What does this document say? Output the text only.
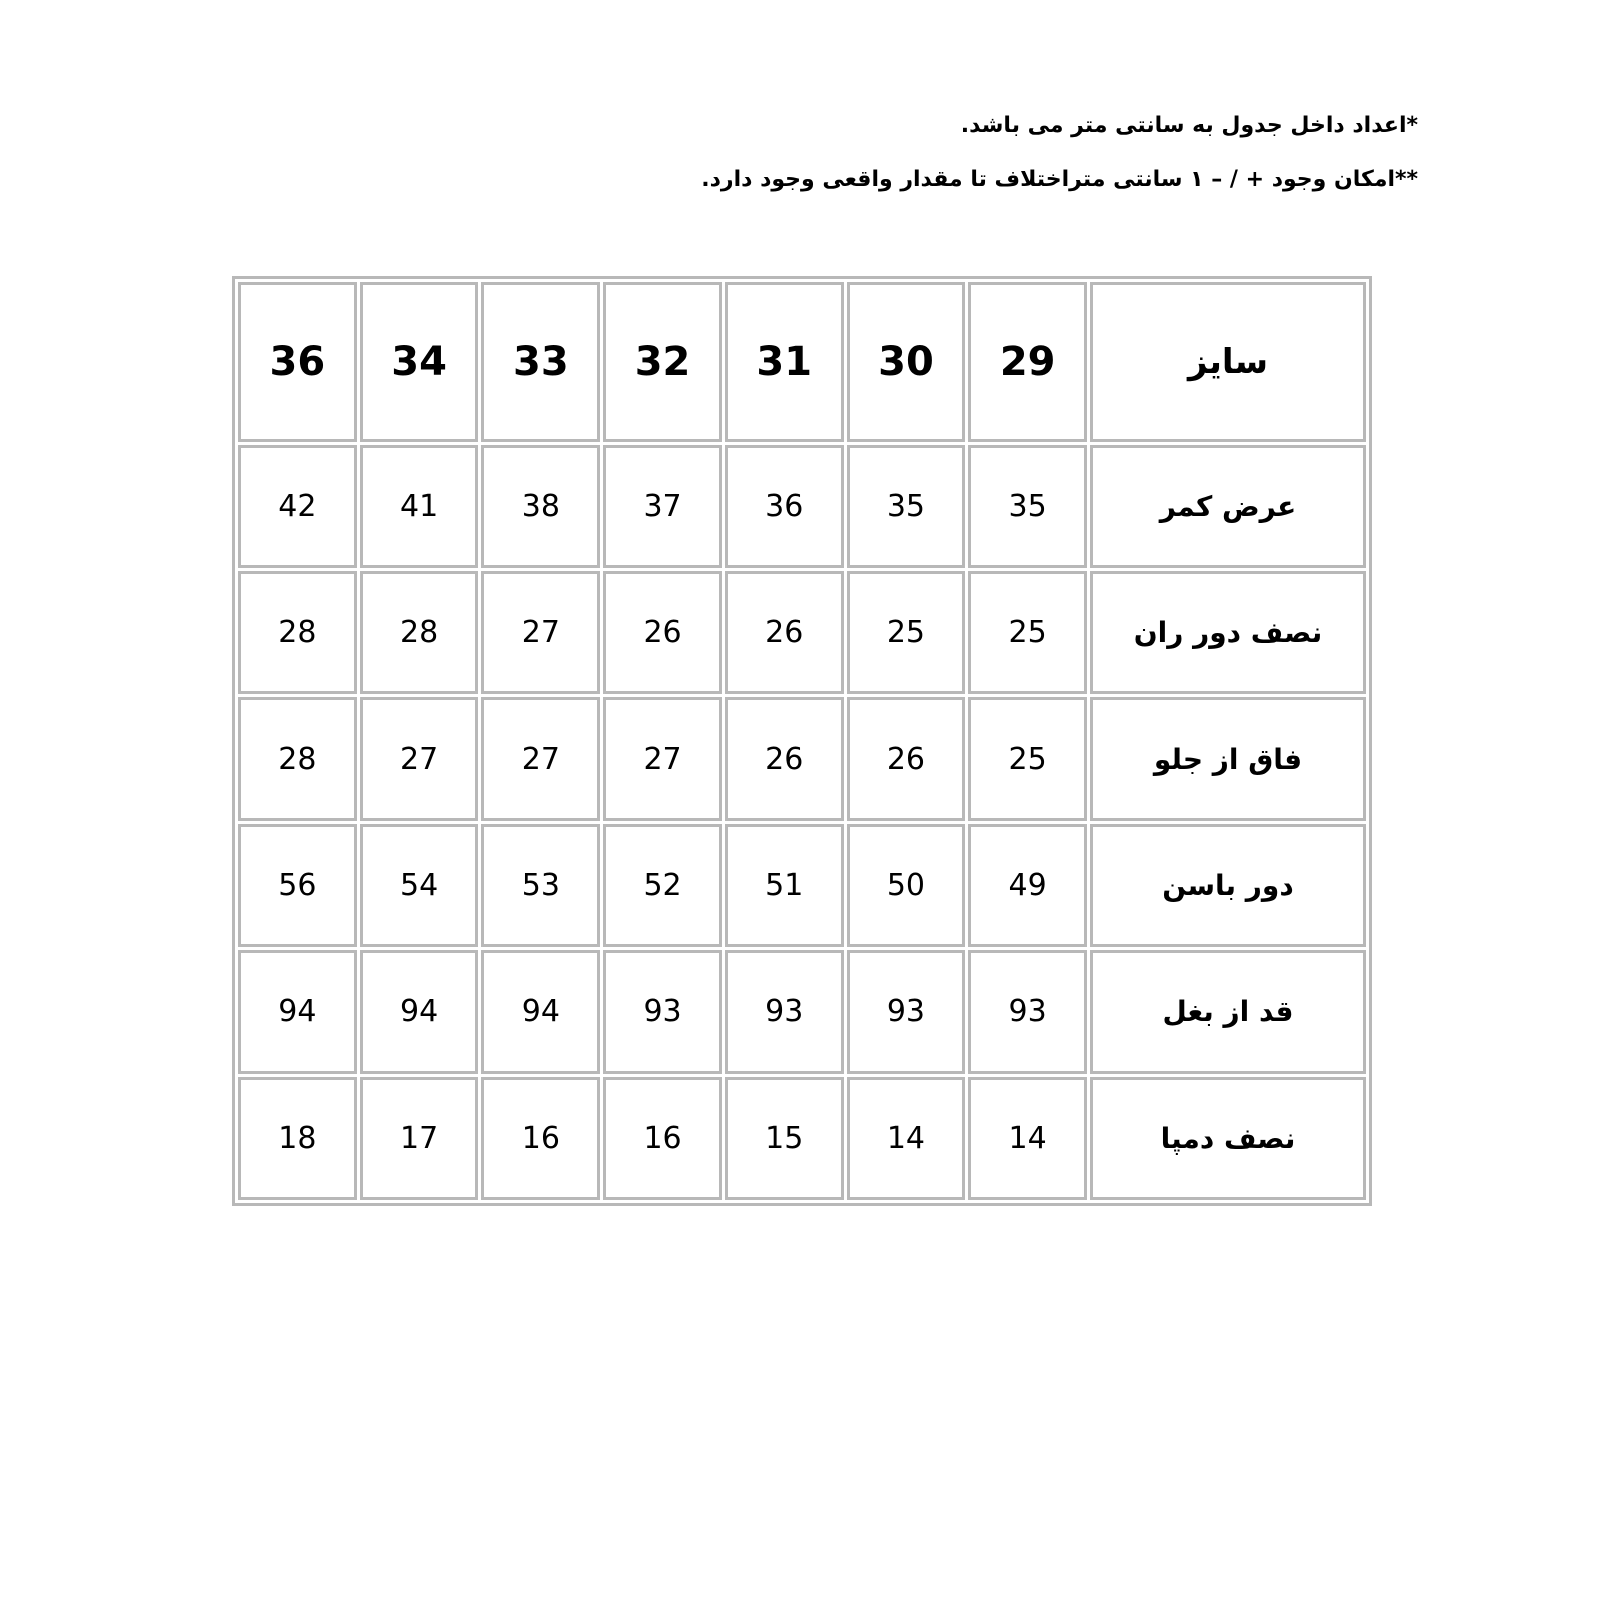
*اعداد داخل جدول به سانتی متر می باشد.

**امکان وجود + / – ۱ سانتی متراختلاف تا مقدار واقعی وجود دارد.

سایز	29	30	31	32	33	34	36
عرض کمر	35	35	36	37	38	41	42
نصف دور ران	25	25	26	26	27	28	28
فاق از جلو	25	26	26	27	27	27	28
دور باسن	49	50	51	52	53	54	56
قد از بغل	93	93	93	93	94	94	94
نصف دمپا	14	14	15	16	16	17	18
